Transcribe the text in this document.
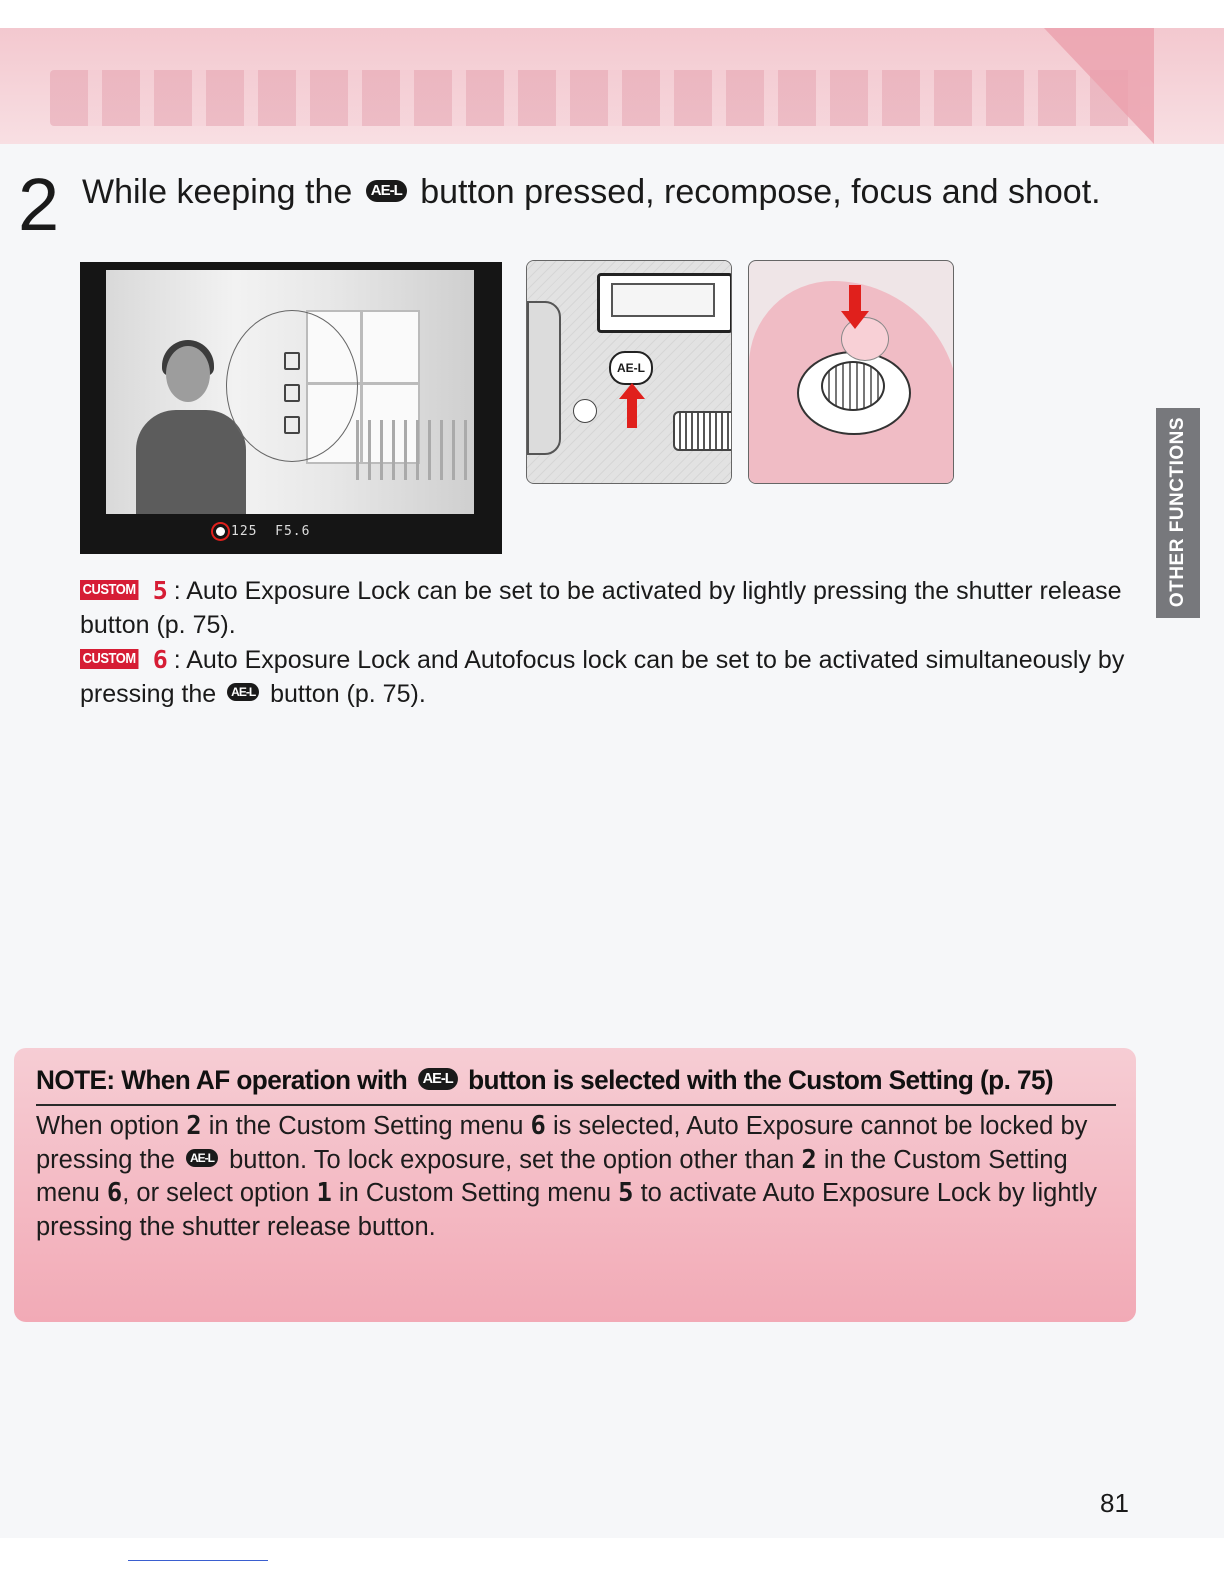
2 While keeping the AE-L button pressed, recompose, focus and shoot.
125 F5.6
AE-L
CUSTOM 5 : Auto Exposure Lock can be set to be activated by lightly pressing the shutter release button (p. 75).
CUSTOM 6 : Auto Exposure Lock and Autofocus lock can be set to be activated simultaneously by pressing the AE-L button (p. 75).
OTHER FUNCTIONS
NOTE: When AF operation with AE-L button is selected with the Custom Setting (p. 75)
When option 2 in the Custom Setting menu 6 is selected, Auto Exposure cannot be locked by pressing the AE-L button. To lock exposure, set the option other than 2 in the Custom Setting menu 6, or select option 1 in Custom Setting menu 5 to activate Auto Exposure Lock by lightly pressing the shutter release button.
81
